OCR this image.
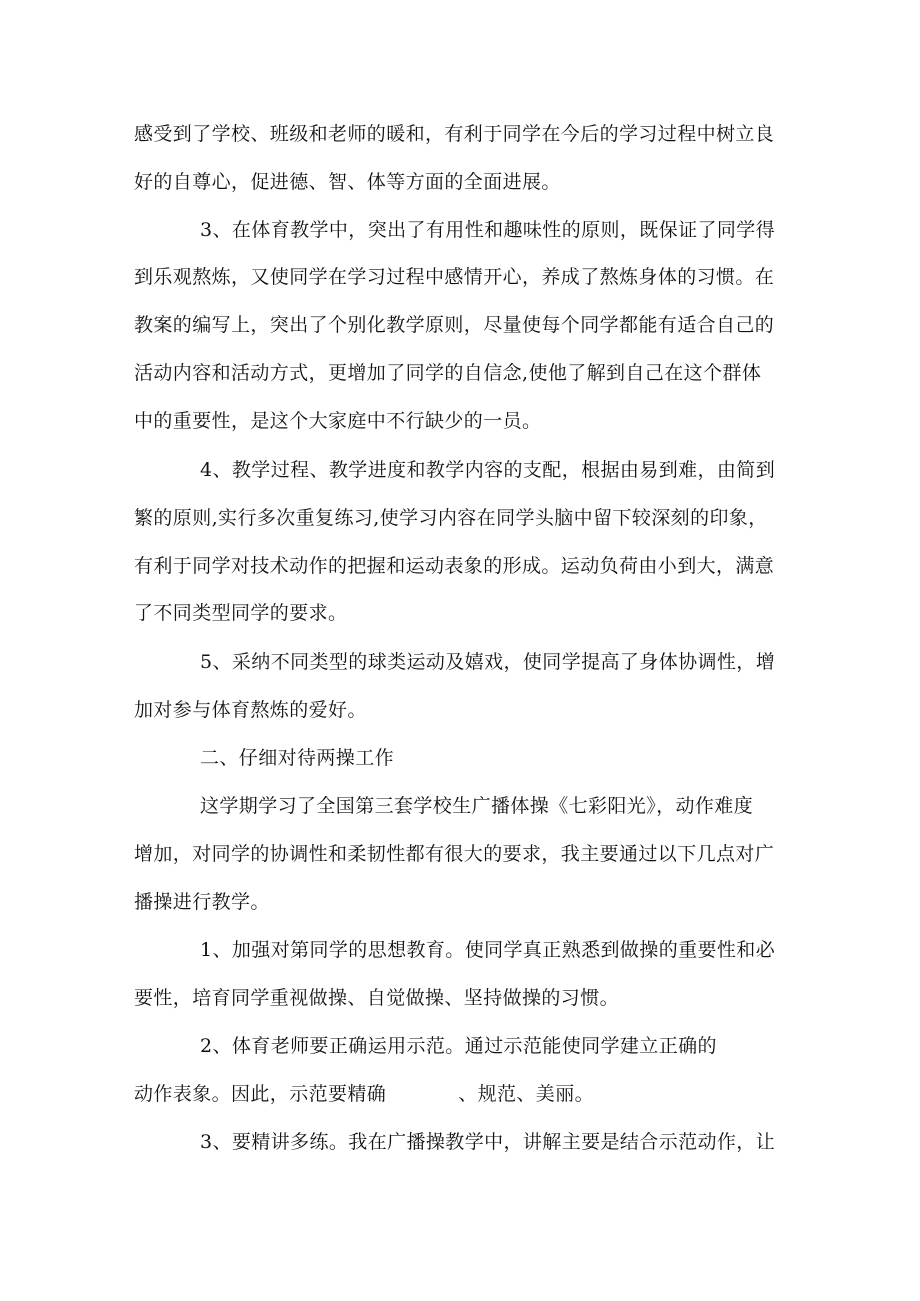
感受到了学校、班级和老师的暖和，有利于同学在今后的学习过程中树立良
好的自尊心，促进德、智、体等方面的全面进展。
3、在体育教学中，突出了有用性和趣味性的原则，既保证了同学得
到乐观熬炼，又使同学在学习过程中感情开心，养成了熬炼身体的习惯。在
教案的编写上，突出了个别化教学原则，尽量使每个同学都能有适合自己的
活动内容和活动方式，更增加了同学的自信念,使他了解到自己在这个群体
中的重要性，是这个大家庭中不行缺少的一员。
4、教学过程、教学进度和教学内容的支配，根据由易到难，由简到
繁的原则,实行多次重复练习,使学习内容在同学头脑中留下较深刻的印象，
有利于同学对技术动作的把握和运动表象的形成。运动负荷由小到大，满意
了不同类型同学的要求。
5、采纳不同类型的球类运动及嬉戏，使同学提高了身体协调性，增
加对参与体育熬炼的爱好。
二、仔细对待两操工作
这学期学习了全国第三套学校生广播体操《七彩阳光》，动作难度
增加，对同学的协调性和柔韧性都有很大的要求，我主要通过以下几点对广
播操进行教学。
1、加强对第同学的思想教育。使同学真正熟悉到做操的重要性和必
要性，培育同学重视做操、自觉做操、坚持做操的习惯。
2、体育老师要正确运用示范。通过示范能使同学建立正确的
动作表象。因此，示范要精确	、规范、美丽。
3、要精讲多练。我在广播操教学中，讲解主要是结合示范动作，让
